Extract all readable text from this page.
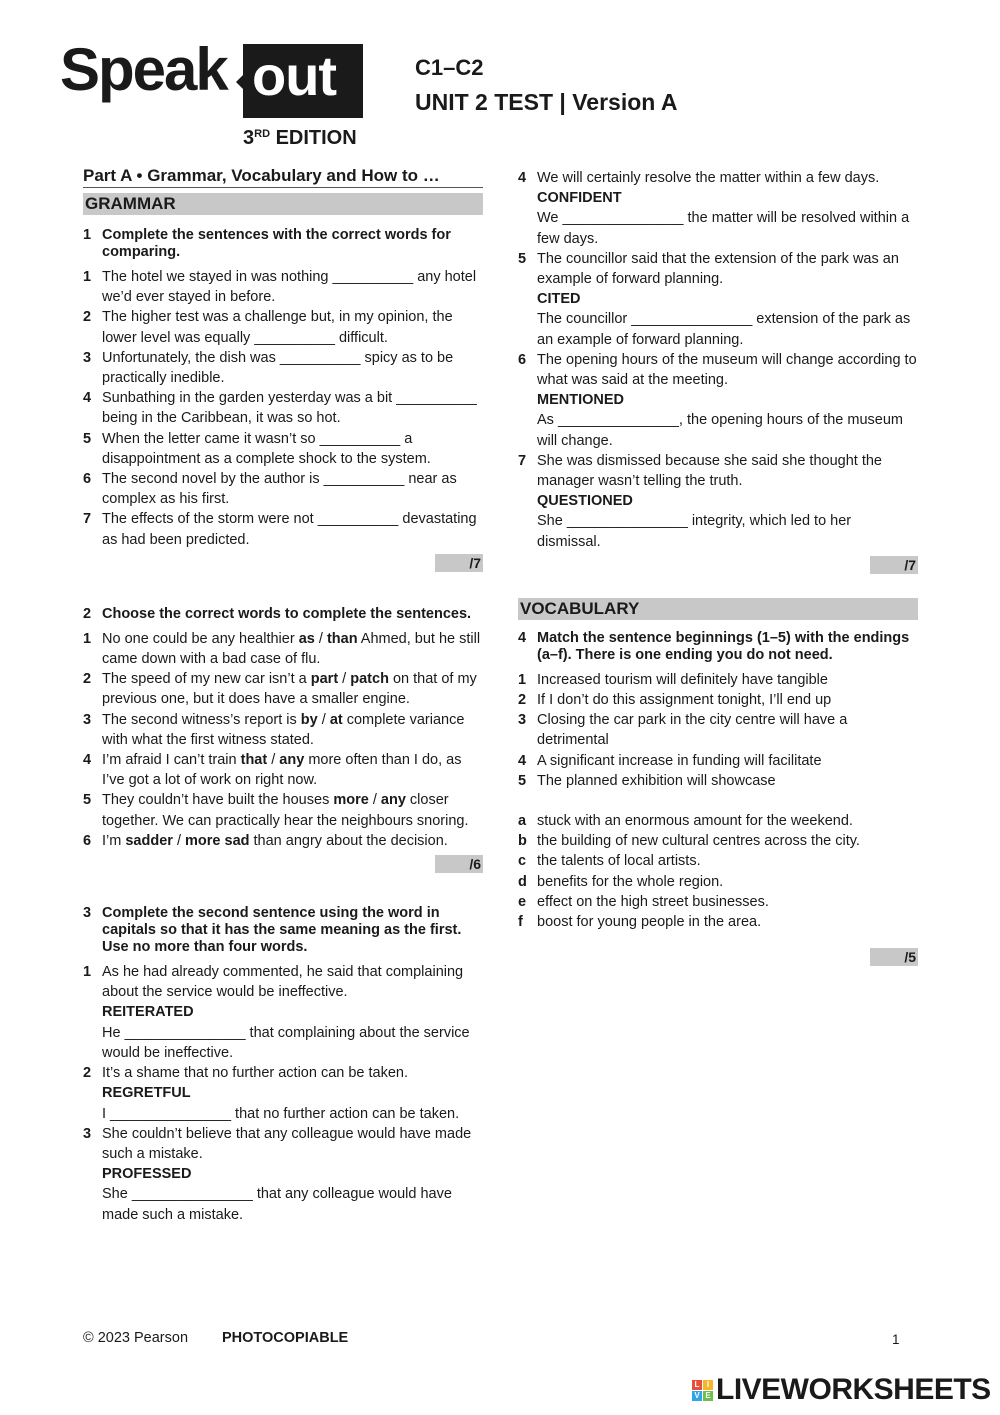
Speak out
3RD EDITION
C1–C2
UNIT 2 TEST | Version A
Part A • Grammar, Vocabulary and How to …
GRAMMAR
1 Complete the sentences with the correct words for comparing.
1 The hotel we stayed in was nothing __________ any hotel we’d ever stayed in before.
2 The higher test was a challenge but, in my opinion, the lower level was equally __________ difficult.
3 Unfortunately, the dish was __________ spicy as to be practically inedible.
4 Sunbathing in the garden yesterday was a bit __________ being in the Caribbean, it was so hot.
5 When the letter came it wasn’t so __________ a disappointment as a complete shock to the system.
6 The second novel by the author is __________ near as complex as his first.
7 The effects of the storm were not __________ devastating as had been predicted.
/7
2 Choose the correct words to complete the sentences.
1 No one could be any healthier as / than Ahmed, but he still came down with a bad case of flu.
2 The speed of my new car isn’t a part / patch on that of my previous one, but it does have a smaller engine.
3 The second witness’s report is by / at complete variance with what the first witness stated.
4 I’m afraid I can’t train that / any more often than I do, as I’ve got a lot of work on right now.
5 They couldn’t have built the houses more / any closer together. We can practically hear the neighbours snoring.
6 I’m sadder / more sad than angry about the decision.
/6
3 Complete the second sentence using the word in capitals so that it has the same meaning as the first. Use no more than four words.
1 As he had already commented, he said that complaining about the service would be ineffective.
REITERATED
He _______________ that complaining about the service would be ineffective.
2 It’s a shame that no further action can be taken.
REGRETFUL
I _______________ that no further action can be taken.
3 She couldn’t believe that any colleague would have made such a mistake.
PROFESSED
She _______________ that any colleague would have made such a mistake.
4 We will certainly resolve the matter within a few days.
CONFIDENT
We _______________ the matter will be resolved within a few days.
5 The councillor said that the extension of the park was an example of forward planning.
CITED
The councillor _______________ extension of the park as an example of forward planning.
6 The opening hours of the museum will change according to what was said at the meeting.
MENTIONED
As _______________, the opening hours of the museum will change.
7 She was dismissed because she said she thought the manager wasn’t telling the truth.
QUESTIONED
She _______________ integrity, which led to her dismissal.
/7
VOCABULARY
4 Match the sentence beginnings (1–5) with the endings (a–f). There is one ending you do not need.
1 Increased tourism will definitely have tangible
2 If I don’t do this assignment tonight, I’ll end up
3 Closing the car park in the city centre will have a detrimental
4 A significant increase in funding will facilitate
5 The planned exhibition will showcase
a stuck with an enormous amount for the weekend.
b the building of new cultural centres across the city.
c the talents of local artists.
d benefits for the whole region.
e effect on the high street businesses.
f boost for young people in the area.
/5
© 2023 Pearson PHOTOCOPIABLE	1
L I
V E LIVEWORKSHEETS
